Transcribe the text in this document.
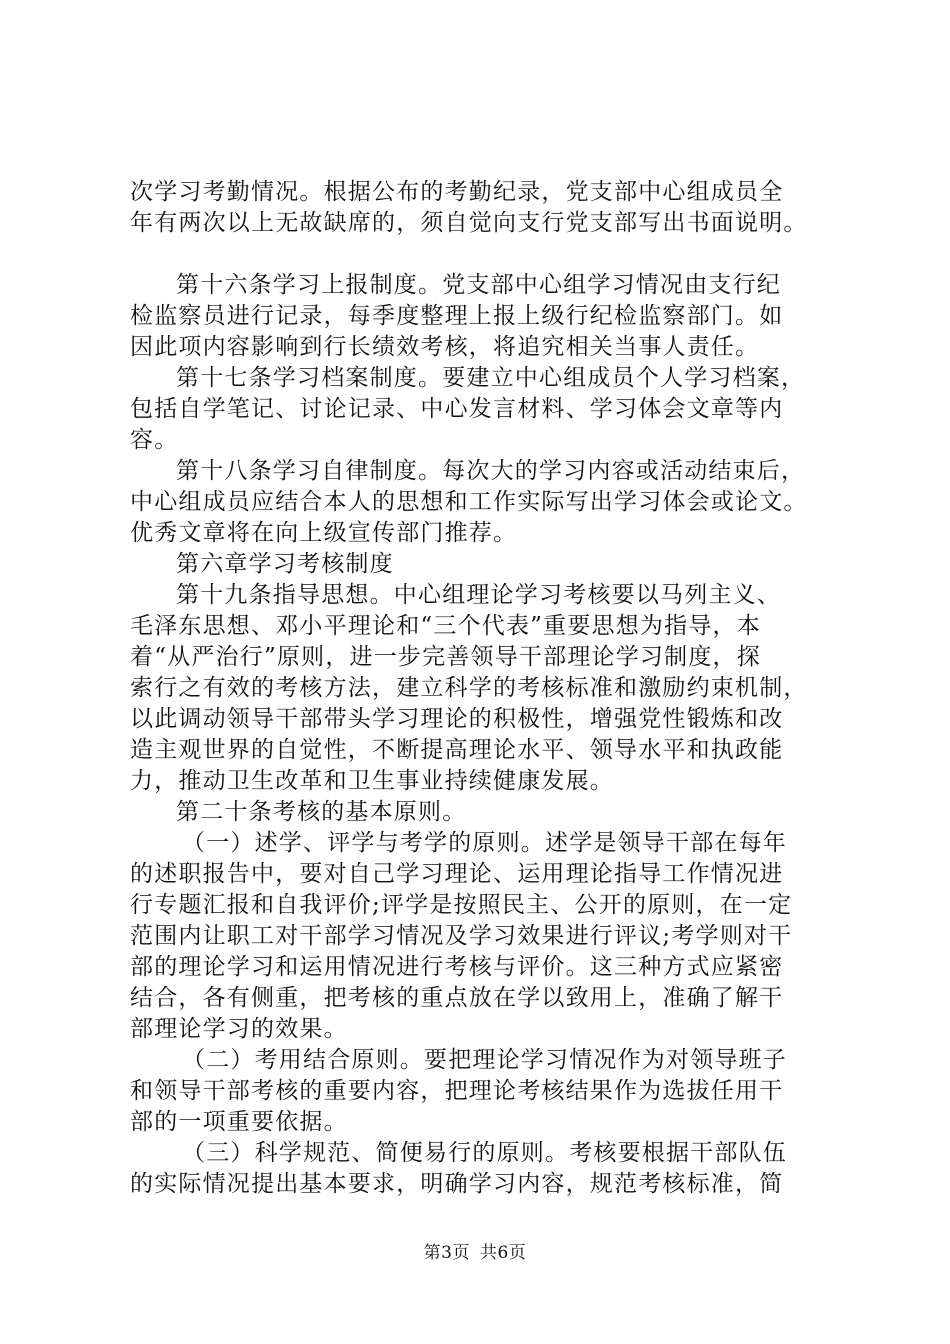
次学习考勤情况。根据公布的考勤纪录，党支部中心组成员全
年有两次以上无故缺席的，须自觉向支行党支部写出书面说明。
第十六条学习上报制度。党支部中心组学习情况由支行纪
检监察员进行记录，每季度整理上报上级行纪检监察部门。如
因此项内容影响到行长绩效考核，将追究相关当事人责任。
第十七条学习档案制度。要建立中心组成员个人学习档案，
包括自学笔记、讨论记录、中心发言材料、学习体会文章等内
容。
第十八条学习自律制度。每次大的学习内容或活动结束后，
中心组成员应结合本人的思想和工作实际写出学习体会或论文。
优秀文章将在向上级宣传部门推荐。
第六章学习考核制度
第十九条指导思想。中心组理论学习考核要以马列主义、
毛泽东思想、邓小平理论和“三个代表”重要思想为指导，本
着“从严治行”原则，进一步完善领导干部理论学习制度，探
索行之有效的考核方法，建立科学的考核标准和激励约束机制，
以此调动领导干部带头学习理论的积极性，增强党性锻炼和改
造主观世界的自觉性，不断提高理论水平、领导水平和执政能
力，推动卫生改革和卫生事业持续健康发展。
第二十条考核的基本原则。
（一）述学、评学与考学的原则。述学是领导干部在每年
的述职报告中，要对自己学习理论、运用理论指导工作情况进
行专题汇报和自我评价;评学是按照民主、公开的原则，在一定
范围内让职工对干部学习情况及学习效果进行评议;考学则对干
部的理论学习和运用情况进行考核与评价。这三种方式应紧密
结合，各有侧重，把考核的重点放在学以致用上，准确了解干
部理论学习的效果。
（二）考用结合原则。要把理论学习情况作为对领导班子
和领导干部考核的重要内容，把理论考核结果作为选拔任用干
部的一项重要依据。
（三）科学规范、简便易行的原则。考核要根据干部队伍
的实际情况提出基本要求，明确学习内容，规范考核标准，简
第3页 共6页
